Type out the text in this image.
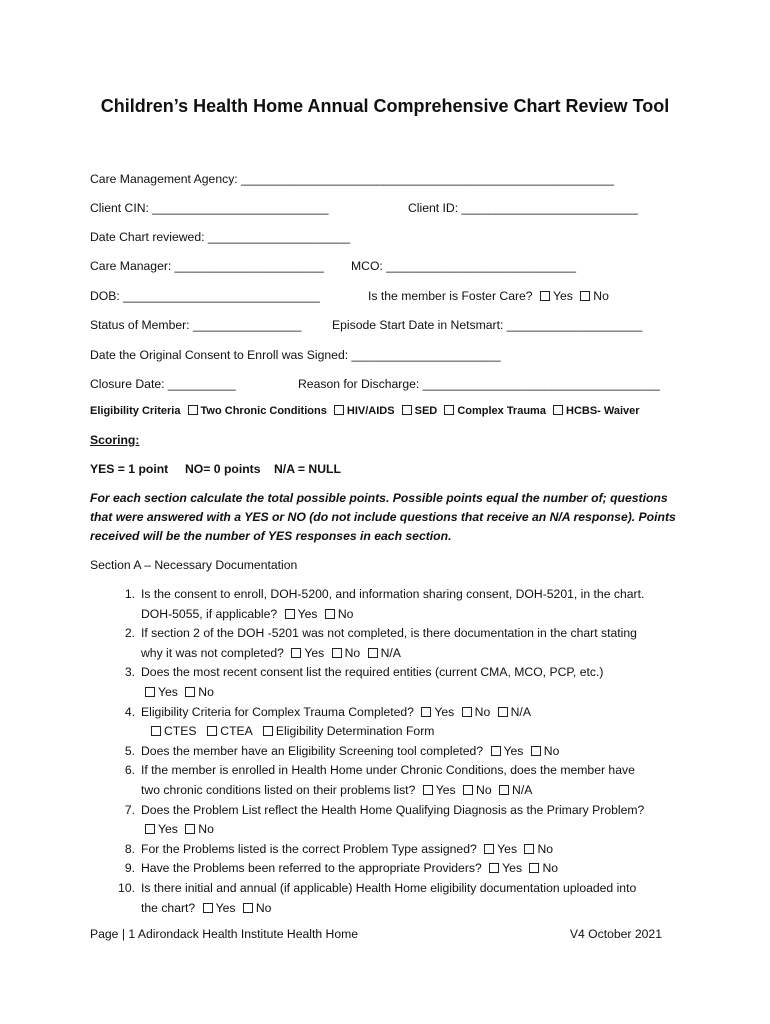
Children’s Health Home Annual Comprehensive Chart Review Tool
Care Management Agency: _______________________________________________________
Client CIN: __________________________	Client ID: __________________________
Date Chart reviewed: _____________________
Care Manager: ______________________ MCO: ____________________________
DOB: _____________________________	Is the member is Foster Care? Yes No
Status of Member: ________________	Episode Start Date in Netsmart: ____________________
Date the Original Consent to Enroll was Signed: ______________________
Closure Date: __________	Reason for Discharge: ___________________________________
Eligibility Criteria Two Chronic Conditions HIV/AIDS SED Complex Trauma HCBS- Waiver
Scoring:
YES = 1 point NO= 0 points N/A = NULL
For each section calculate the total possible points. Possible points equal the number of; questions
that were answered with a YES or NO (do not include questions that receive an N/A response). Points
received will be the number of YES responses in each section.
Section A – Necessary Documentation
1. Is the consent to enroll, DOH-5200, and information sharing consent, DOH-5201, in the chart.
DOH-5055, if applicable? Yes No
2. If section 2 of the DOH -5201 was not completed, is there documentation in the chart stating
why it was not completed? Yes No N/A
3. Does the most recent consent list the required entities (current CMA, MCO, PCP, etc.)
Yes No
4. Eligibility Criteria for Complex Trauma Completed? Yes No N/A
CTES CTEA Eligibility Determination Form
5. Does the member have an Eligibility Screening tool completed? Yes No
6. If the member is enrolled in Health Home under Chronic Conditions, does the member have
two chronic conditions listed on their problems list? Yes No N/A
7. Does the Problem List reflect the Health Home Qualifying Diagnosis as the Primary Problem?
Yes No
8. For the Problems listed is the correct Problem Type assigned? Yes No
9. Have the Problems been referred to the appropriate Providers? Yes No
10. Is there initial and annual (if applicable) Health Home eligibility documentation uploaded into
the chart? Yes No
Page | 1 Adirondack Health Institute Health Home	V4 October 2021
